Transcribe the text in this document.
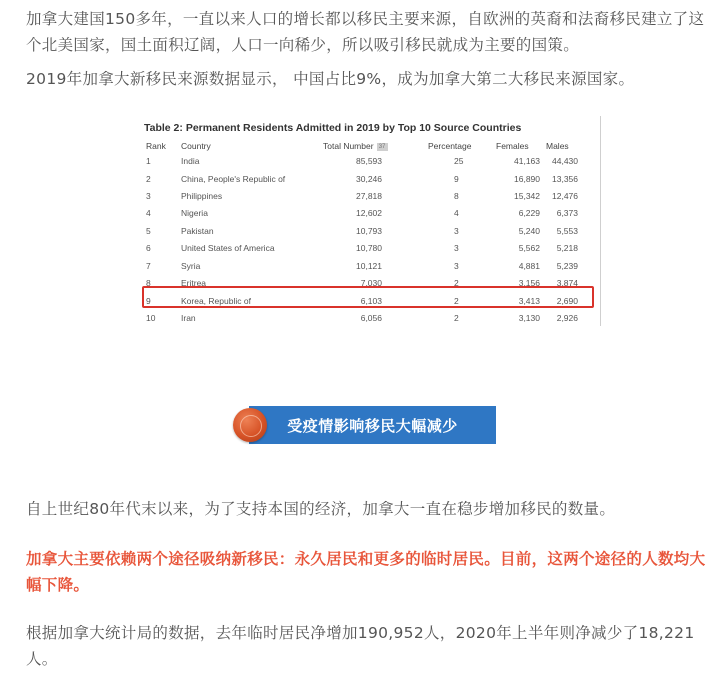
加拿大建国150多年，一直以来人口的增长都以移民主要来源，自欧洲的英裔和法裔移民建立了这个北美国家，国土面积辽阔，人口一向稀少，所以吸引移民就成为主要的国策。

2019年加拿大新移民来源数据显示， 中国占比9%，成为加拿大第二大移民来源国家。

Table 2: Permanent Residents Admitted in 2019 by Top 10 Source Countries
Rank Country	Total Number 37	Percentage	Females Males
1	India	85,593	25	41,163 44,430
2	China, People's Republic of	30,246	9	16,890 13,356
3	Philippines	27,818	8	15,342 12,476
4	Nigeria	12,602	4	6,229 6,373
5	Pakistan	10,793	3	5,240 5,553
6	United States of America	10,780	3	5,562 5,218
7	Syria	10,121	3	4,881 5,239
8	Eritrea	7,030	2	3,156 3,874
9	Korea, Republic of	6,103	2	3,413 2,690
10	Iran	6,056	2	3,130 2,926
受疫情影响移民大幅减少

自上世纪80年代末以来，为了支持本国的经济，加拿大一直在稳步增加移民的数量。

加拿大主要依赖两个途径吸纳新移民：永久居民和更多的临时居民。目前，这两个途径的人数均大幅下降。

根据加拿大统计局的数据，去年临时居民净增加190,952人，2020年上半年则净减少了18,221人。
